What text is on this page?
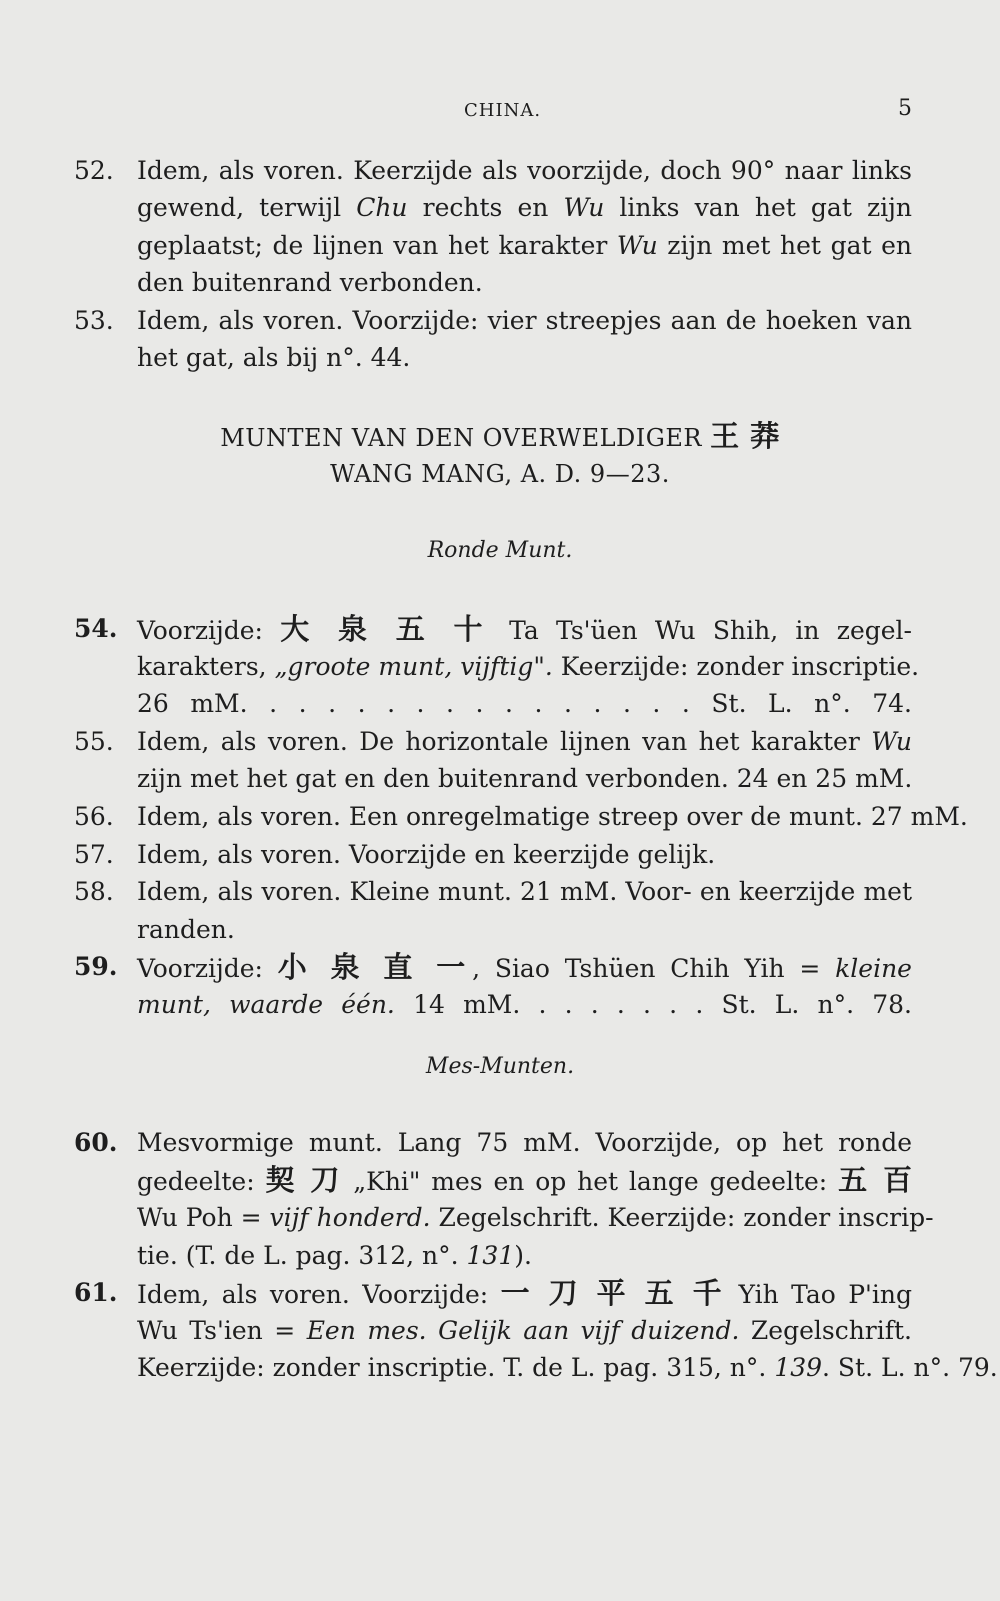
CHINA.	5
52. Idem, als voren. Keerzijde als voorzijde, doch 90° naar links
gewend, terwijl Chu rechts en Wu links van het gat zijn
geplaatst; de lijnen van het karakter Wu zijn met het gat en
den buitenrand verbonden.
53. Idem, als voren. Voorzijde: vier streepjes aan de hoeken van
het gat, als bij n°. 44.
MUNTEN VAN DEN OVERWELDIGER 王 莽
WANG MANG, A. D. 9—23.
Ronde Munt.
54. Voorzijde: 大 泉 五 十 Ta Ts'üen Wu Shih, in zegel-
karakters, „groote munt, vijftig". Keerzijde: zonder inscriptie.
26 mM. . . . . . . . . . . . . . . . St. L. n°. 74.
55. Idem, als voren. De horizontale lijnen van het karakter Wu
zijn met het gat en den buitenrand verbonden. 24 en 25 mM.
56. Idem, als voren. Een onregelmatige streep over de munt. 27 mM.
57. Idem, als voren. Voorzijde en keerzijde gelijk.
58. Idem, als voren. Kleine munt. 21 mM. Voor- en keerzijde met
randen.
59. Voorzijde: 小 泉 直 一, Siao Tshüen Chih Yih = kleine
munt, waarde één. 14 mM. . . . . . . . St. L. n°. 78.
Mes-Munten.
60. Mesvormige munt. Lang 75 mM. Voorzijde, op het ronde
gedeelte: 契 刀 „Khi" mes en op het lange gedeelte: 五 百
Wu Poh = vijf honderd. Zegelschrift. Keerzijde: zonder inscrip-
tie. (T. de L. pag. 312, n°. 131).
61. Idem, als voren. Voorzijde: 一 刀 平 五 千 Yih Tao P'ing
Wu Ts'ien = Een mes. Gelijk aan vijf duizend. Zegelschrift.
Keerzijde: zonder inscriptie. T. de L. pag. 315, n°. 139. St. L. n°. 79.
